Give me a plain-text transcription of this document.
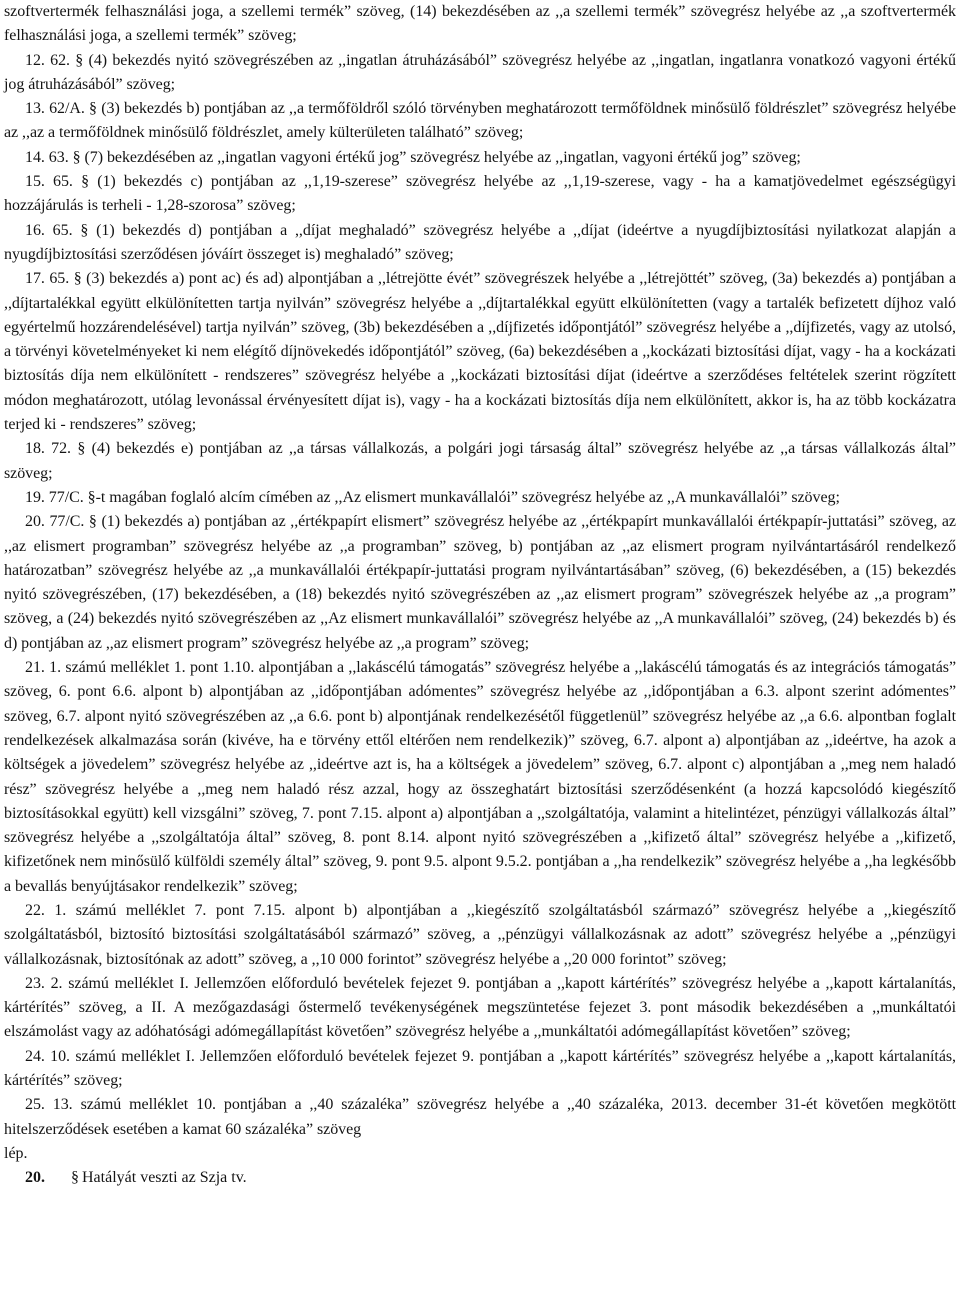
szoftvertermék felhasználási joga, a szellemi termék” szöveg, (14) bekezdésében az ,,a szellemi termék” szövegrész helyébe az ,,a szoftvertermék felhasználási joga, a szellemi termék” szöveg;

12. 62. § (4) bekezdés nyitó szövegrészében az ,,ingatlan átruházásából” szövegrész helyébe az ,,ingatlan, ingatlanra vonatkozó vagyoni értékű jog átruházásából” szöveg;

13. 62/A. § (3) bekezdés b) pontjában az ,,a termőföldről szóló törvényben meghatározott termőföldnek minősülő földrészlet” szövegrész helyébe az ,,az a termőföldnek minősülő földrészlet, amely külterületen található” szöveg;

14. 63. § (7) bekezdésében az ,,ingatlan vagyoni értékű jog” szövegrész helyébe az ,,ingatlan, vagyoni értékű jog” szöveg;

15. 65. § (1) bekezdés c) pontjában az ,,1,19-szerese” szövegrész helyébe az ,,1,19-szerese, vagy - ha a kamatjövedelmet egészségügyi hozzájárulás is terheli - 1,28-szorosa” szöveg;

16. 65. § (1) bekezdés d) pontjában a ,,díjat meghaladó” szövegrész helyébe a ,,díjat (ideértve a nyugdíjbiztosítási nyilatkozat alapján a nyugdíjbiztosítási szerződésen jóváírt összeget is) meghaladó” szöveg;

17. 65. § (3) bekezdés a) pont ac) és ad) alpontjában a ,,létrejötte évét” szövegrészek helyébe a ,,létrejöttét” szöveg, (3a) bekezdés a) pontjában a ,,díjtartalékkal együtt elkülönítetten tartja nyilván” szövegrész helyébe a ,,díjtartalékkal együtt elkülönítetten (vagy a tartalék befizetett díjhoz való egyértelmű hozzárendelésével) tartja nyilván” szöveg, (3b) bekezdésében a ,,díjfizetés időpontjától” szövegrész helyébe a ,,díjfizetés, vagy az utolsó, a törvényi követelményeket ki nem elégítő díjnövekedés időpontjától” szöveg, (6a) bekezdésében a ,,kockázati biztosítási díjat, vagy - ha a kockázati biztosítás díja nem elkülönített - rendszeres” szövegrész helyébe a ,,kockázati biztosítási díjat (ideértve a szerződéses feltételek szerint rögzített módon meghatározott, utólag levonással érvényesített díjat is), vagy - ha a kockázati biztosítás díja nem elkülönített, akkor is, ha az több kockázatra terjed ki - rendszeres” szöveg;

18. 72. § (4) bekezdés e) pontjában az ,,a társas vállalkozás, a polgári jogi társaság által” szövegrész helyébe az ,,a társas vállalkozás által” szöveg;

19. 77/C. §-t magában foglaló alcím címében az ,,Az elismert munkavállalói” szövegrész helyébe az ,,A munkavállalói” szöveg;

20. 77/C. § (1) bekezdés a) pontjában az ,,értékpapírt elismert” szövegrész helyébe az ,,értékpapírt munkavállalói értékpapír-juttatási” szöveg, az ,,az elismert programban” szövegrész helyébe az ,,a programban” szöveg, b) pontjában az ,,az elismert program nyilvántartásáról rendelkező határozatban” szövegrész helyébe az ,,a munkavállalói értékpapír-juttatási program nyilvántartásában” szöveg, (6) bekezdésében, a (15) bekezdés nyitó szövegrészében, (17) bekezdésében, a (18) bekezdés nyitó szövegrészében az ,,az elismert program” szövegrészek helyébe az ,,a program” szöveg, a (24) bekezdés nyitó szövegrészében az ,,Az elismert munkavállalói” szövegrész helyébe az ,,A munkavállalói” szöveg, (24) bekezdés b) és d) pontjában az ,,az elismert program” szövegrész helyébe az ,,a program” szöveg;

21. 1. számú melléklet 1. pont 1.10. alpontjában a ,,lakáscélú támogatás” szövegrész helyébe a ,,lakáscélú támogatás és az integrációs támogatás” szöveg, 6. pont 6.6. alpont b) alpontjában az ,,időpontjában adómentes” szövegrész helyébe az ,,időpontjában a 6.3. alpont szerint adómentes” szöveg, 6.7. alpont nyitó szövegrészében az ,,a 6.6. pont b) alpontjának rendelkezésétől függetlenül” szövegrész helyébe az ,,a 6.6. alpontban foglalt rendelkezések alkalmazása során (kivéve, ha e törvény ettől eltérően nem rendelkezik)” szöveg, 6.7. alpont a) alpontjában az ,,ideértve, ha azok a költségek a jövedelem” szövegrész helyébe az ,,ideértve azt is, ha a költségek a jövedelem” szöveg, 6.7. alpont c) alpontjában a ,,meg nem haladó rész” szövegrész helyébe a ,,meg nem haladó rész azzal, hogy az összeghatárt biztosítási szerződésenként (a hozzá kapcsolódó kiegészítő biztosításokkal együtt) kell vizsgálni” szöveg, 7. pont 7.15. alpont a) alpontjában a ,,szolgáltatója, valamint a hitelintézet, pénzügyi vállalkozás által” szövegrész helyébe a ,,szolgáltatója által” szöveg, 8. pont 8.14. alpont nyitó szövegrészében a ,,kifizető által” szövegrész helyébe a ,,kifizető, kifizetőnek nem minősülő külföldi személy által” szöveg, 9. pont 9.5. alpont 9.5.2. pontjában a ,,ha rendelkezik” szövegrész helyébe a ,,ha legkésőbb a bevallás benyújtásakor rendelkezik” szöveg;

22. 1. számú melléklet 7. pont 7.15. alpont b) alpontjában a ,,kiegészítő szolgáltatásból származó” szövegrész helyébe a ,,kiegészítő szolgáltatásból, biztosító biztosítási szolgáltatásából származó” szöveg, a ,,pénzügyi vállalkozásnak az adott” szövegrész helyébe a ,,pénzügyi vállalkozásnak, biztosítónak az adott” szöveg, a ,,10 000 forintot” szövegrész helyébe a ,,20 000 forintot” szöveg;

23. 2. számú melléklet I. Jellemzően előforduló bevételek fejezet 9. pontjában a ,,kapott kártérítés” szövegrész helyébe a ,,kapott kártalanítás, kártérítés” szöveg, a II. A mezőgazdasági őstermelő tevékenységének megszüntetése fejezet 3. pont második bekezdésében a ,,munkáltatói elszámolást vagy az adóhatósági adómegállapítást követően” szövegrész helyébe a ,,munkáltatói adómegállapítást követően” szöveg;

24. 10. számú melléklet I. Jellemzően előforduló bevételek fejezet 9. pontjában a ,,kapott kártérítés” szövegrész helyébe a ,,kapott kártalanítás, kártérítés” szöveg;

25. 13. számú melléklet 10. pontjában a ,,40 százaléka” szövegrész helyébe a ,,40 százaléka, 2013. december 31-ét követően megkötött hitelszerződések esetében a kamat 60 százaléka” szöveg

lép.

20. § Hatályát veszti az Szja tv.
